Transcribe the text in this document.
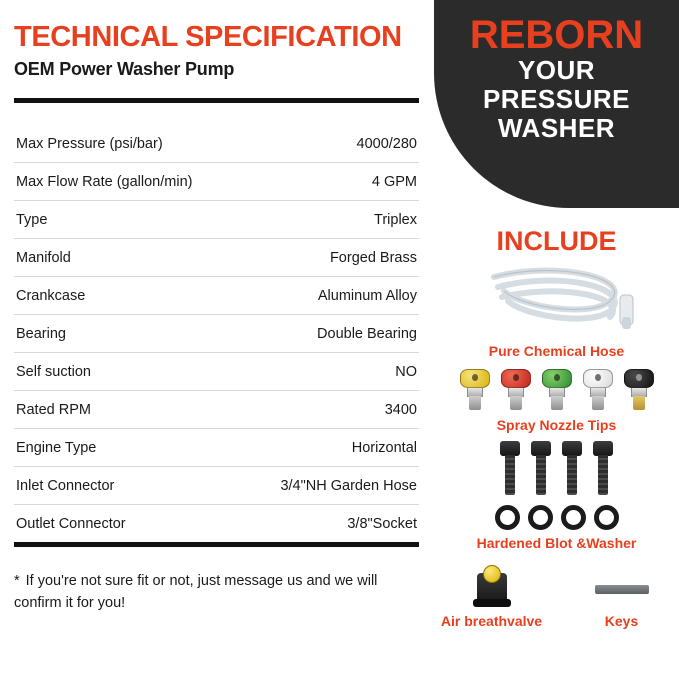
TECHNICAL SPECIFICATION
OEM Power Washer Pump
Max Pressure (psi/bar)	4000/280
Max Flow Rate (gallon/min)	4 GPM
Type	Triplex
Manifold	Forged Brass
Crankcase	Aluminum Alloy
Bearing	Double Bearing
Self suction	NO
Rated RPM	3400
Engine Type	Horizontal
Inlet Connector	3/4"NH Garden Hose
Outlet Connector	3/8"Socket
* If you're not sure fit or not, just message us and we will confirm it for you!
REBORN
YOUR
PRESSURE
WASHER
INCLUDE
Pure Chemical Hose
Spray Nozzle Tips
Hardened Blot &Washer
Air breathvalve	Keys
